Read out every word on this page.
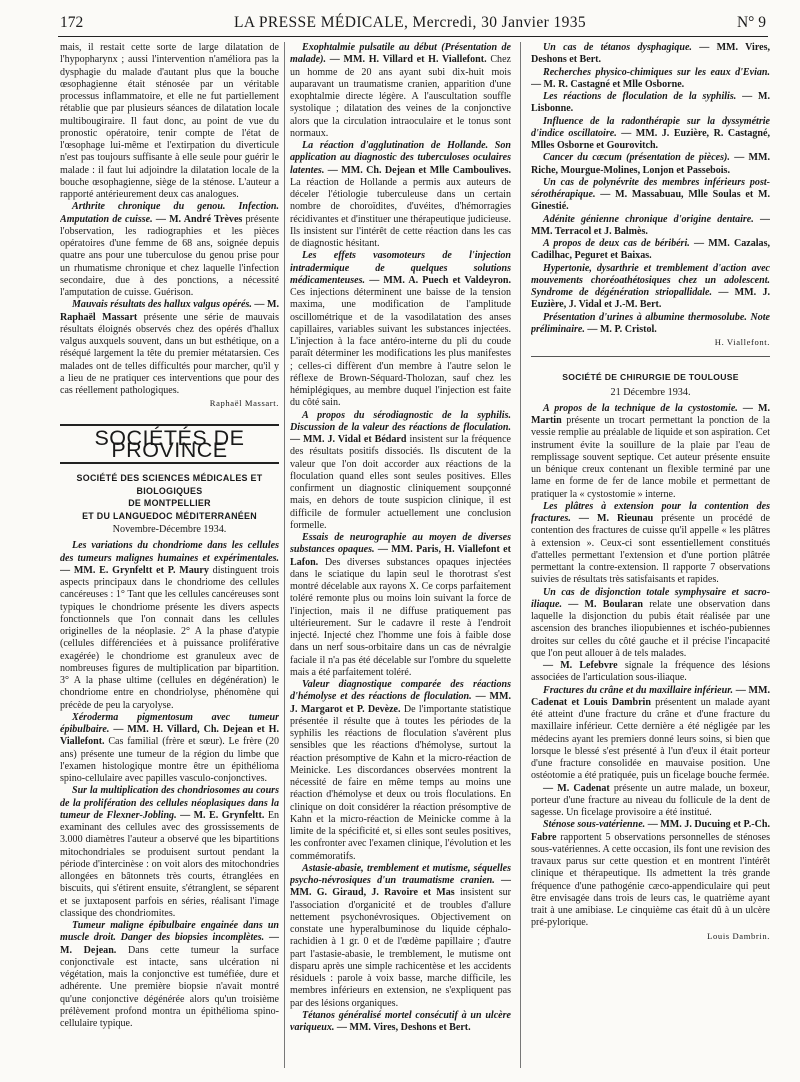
172	LA PRESSE MÉDICALE, Mercredi, 30 Janvier 1935	N° 9

mais, il restait cette sorte de large dilatation de l'hypopharynx ; aussi l'intervention n'améliora pas la dysphagie du malade d'autant plus que la bouche œsophagienne était sténosée par un véritable processus inflammatoire, et elle ne fut partiellement rétablie que par plusieurs séances de dilatation locale multibougiraire. Il faut donc, au point de vue du pronostic opératoire, tenir compte de l'état de l'œsophage lui-même et l'extirpation du diverticule n'est pas toujours suffisante à elle seule pour guérir le malade : il faut lui adjoindre la dilatation locale de la bouche œsophagienne, siège de la sténose. L'auteur a rapporté antérieurement deux cas analogues.

Arthrite chronique du genou. Infection. Amputation de cuisse. — M. André Trèves présente l'observation, les radiographies et les pièces opératoires d'une femme de 68 ans, soignée depuis quatre ans pour une tuberculose du genou prise pour un rhumatisme chronique et chez laquelle l'infection secondaire, due à des ponctions, a nécessité l'amputation de cuisse. Guérison.

Mauvais résultats des hallux valgus opérés. — M. Raphaël Massart présente une série de mauvais résultats éloignés observés chez des opérés d'hallux valgus auxquels souvent, dans un but esthétique, on a réséqué largement la tête du premier métatarsien. Ces malades ont de telles difficultés pour marcher, qu'il y a lieu de ne pratiquer ces interventions que pour des cas réellement pathologiques.

Raphaël Massart.

SOCIÉTÉS DE PROVINCE
SOCIÉTÉ DES SCIENCES MÉDICALES ET BIOLOGIQUES
DE MONTPELLIER
ET DU LANGUEDOC MÉDITERRANÉEN
Novembre-Décembre 1934.

Les variations du chondriome dans les cellules des tumeurs malignes humaines et expérimentales. — MM. E. Grynfeltt et P. Maury distinguent trois aspects principaux dans le chondriome des cellules cancéreuses : 1° Tant que les cellules cancéreuses sont typiques le chondriome présente les divers aspects fonctionnels que l'on connait dans les cellules originelles de la néoplasie. 2° A la phase d'atypie (cellules différenciées et à puissance proliférative exagérée) le chondriome est granuleux avec de nombreuses figures de multiplication par bipartition. 3° A la phase ultime (cellules en dégénération) le chondriome entre en chondriolyse, phénomène qui précède de peu la caryolyse.

Xéroderma pigmentosum avec tumeur épibulbaire. — MM. H. Villard, Ch. Dejean et H. Viallefont. Cas familial (frère et sœur). Le frère (20 ans) présente une tumeur de la région du limbe que l'examen histologique montre être un épithélioma spino-cellulaire avec papilles vasculo-conjonctives.

Sur la multiplication des chondriosomes au cours de la prolifération des cellules néoplasiques dans la tumeur de Flexner-Jobling. — M. E. Grynfeltt. En examinant des cellules avec des grossissements de 3.000 diamètres l'auteur a observé que les bipartitions mitochondriales se produisent surtout pendant la période d'intercinèse : on voit alors des mitochondries allongées en bâtonnets très courts, étranglées en biscuits, qui s'étirent ensuite, s'étranglent, se séparent et se juxtaposent parfois en séries, réalisant l'image classique des chondriomites.

Tumeur maligne épibulbaire engainée dans un muscle droit. Danger des biopsies incomplètes. — M. Dejean. Dans cette tumeur la surface conjonctivale est intacte, sans ulcération ni végétation, mais la conjonctive est tuméfiée, dure et adhérente. Une première biopsie n'avait montré qu'une conjonctive dégénérée alors qu'un troisième prélèvement profond montra un épithélioma spino-cellulaire typique.

Exophtalmie pulsatile au début (Présentation de malade). — MM. H. Villard et H. Viallefont. Chez un homme de 20 ans ayant subi dix-huit mois auparavant un traumatisme cranien, apparition d'une exophtalmie directe légère. A l'auscultation souffle systolique ; dilatation des veines de la conjonctive alors que la circulation intraoculaire et le tonus sont normaux.

La réaction d'agglutination de Hollande. Son application au diagnostic des tuberculoses oculaires latentes. — MM. Ch. Dejean et Mlle Camboulives. La réaction de Hollande a permis aux auteurs de déceler l'étiologie tuberculeuse dans un certain nombre de choroïdites, d'uvéites, d'hémorragies récidivantes et d'instituer une thérapeutique judicieuse. Ils insistent sur l'intérêt de cette réaction dans les cas de diagnostic hésitant.

Les effets vasomoteurs de l'injection intradermique de quelques solutions médicamenteuses. — MM. A. Puech et Valdeyron. Ces injections déterminent une baisse de la tension maxima, une modification de l'amplitude oscillométrique et de la vasodilatation des anses capillaires, variables suivant les substances injectées. L'injection à la face antéro-interne du pli du coude paraît déterminer les modifications les plus manifestes ; celles-ci diffèrent d'un membre à l'autre selon le réflexe de Brown-Séquard-Tholozan, sauf chez les hémiplégiques, au membre duquel l'injection est faite du côté sain.

A propos du sérodiagnostic de la syphilis. Discussion de la valeur des réactions de floculation. — MM. J. Vidal et Bédard insistent sur la fréquence des résultats positifs dissociés. Ils discutent de la valeur que l'on doit accorder aux réactions de la floculation quand elles sont seules positives. Elles confirment un diagnostic cliniquement soupçonné mais, en dehors de toute suspicion clinique, il est difficile de formuler actuellement une conclusion formelle.

Essais de neurographie au moyen de diverses substances opaques. — MM. Paris, H. Viallefont et Lafon. Des diverses substances opaques injectées dans le sciatique du lapin seul le thorotrast s'est montré décelable aux rayons X. Ce corps parfaitement toléré remonte plus ou moins loin suivant la force de l'injection, mais il ne diffuse pratiquement pas ultérieurement. Sur le cadavre il reste à l'endroit injecté. Injecté chez l'homme une fois à faible dose dans un nerf sous-orbitaire dans un cas de névralgie faciale il n'a pas été décelable sur l'ombre du squelette mais a été parfaitement toléré.

Valeur diagnostique comparée des réactions d'hémolyse et des réactions de floculation. — MM. J. Margarot et P. Devèze. De l'importante statistique présentée il résulte que à toutes les périodes de la syphilis les réactions de floculation s'avèrent plus sensibles que les réactions d'hémolyse, surtout la réaction présomptive de Kahn et la micro-réaction de Meinicke. Les discordances observées montrent la nécessité de faire en même temps au moins une réaction d'hémolyse et deux ou trois floculations. En clinique on doit considérer la réaction présomptive de Kahn et la micro-réaction de Meinicke comme à la limite de la spécificité et, si elles sont seules positives, les confronter avec l'examen clinique, l'évolution et les commémoratifs.

Astasie-abasie, tremblement et mutisme, séquelles psycho-névrosiques d'un traumatisme cranien. — MM. G. Giraud, J. Ravoire et Mas insistent sur l'association d'organicité et de troubles d'allure nettement psychonévrosiques. Objectivement on constate une hyperalbuminose du liquide céphalo-rachidien à 1 gr. 0 et de l'œdème papillaire ; d'autre part l'astasie-abasie, le tremblement, le mutisme ont disparu après une simple rachicentèse et les accidents résiduels : parole à voix basse, marche difficile, les membres inférieurs en extension, ne s'expliquent pas par des lésions organiques.

Tétanos généralisé mortel consécutif à un ulcère variqueux. — MM. Vires, Deshons et Bert.

Un cas de tétanos dysphagique. — MM. Vires, Deshons et Bert.

Recherches physico-chimiques sur les eaux d'Evian. — M. R. Castagné et Mlle Osborne.

Les réactions de floculation de la syphilis. — M. Lisbonne.

Influence de la radonthérapie sur la dyssymétrie d'indice oscillatoire. — MM. J. Euzière, R. Castagné, Mlles Osborne et Gourovitch.

Cancer du cæcum (présentation de pièces). — MM. Riche, Mourgue-Molines, Lonjon et Passebois.

Un cas de polynévrite des membres inférieurs post-sérothérapique. — M. Massabuau, Mlle Soulas et M. Ginestié.

Adénite génienne chronique d'origine dentaire. — MM. Terracol et J. Balmès.

A propos de deux cas de béribéri. — MM. Cazalas, Cadilhac, Peguret et Baixas.

Hypertonie, dysarthrie et tremblement d'action avec mouvements choréoathétosiques chez un adolescent. Syndrome de dégénération striopallidale. — MM. J. Euzière, J. Vidal et J.-M. Bert.

Présentation d'urines à albumine thermosolube. Note préliminaire. — M. P. Cristol.

H. Viallefont.

SOCIÉTÉ DE CHIRURGIE DE TOULOUSE
21 Décembre 1934.

A propos de la technique de la cystostomie. — M. Martin présente un trocart permettant la ponction de la vessie remplie au préalable de liquide et son aspiration. Cet instrument évite la souillure de la plaie par l'eau de remplissage souvent septique. Cet auteur présente ensuite un bénique creux contenant un flexible terminé par une lame en forme de fer de lance mobile et permettant de pratiquer la « cystostomie » interne.

Les plâtres à extension pour la contention des fractures. — M. Rieunau présente un procédé de contention des fractures de cuisse qu'il appelle « les plâtres à extension ». Ceux-ci sont essentiellement constitués d'attelles permettant l'extension et d'une portion plâtrée permettant la contre-extension. Il rapporte 7 observations suivies de résultats très satisfaisants et rapides.

Un cas de disjonction totale symphysaire et sacro-iliaque. — M. Boularan relate une observation dans laquelle la disjonction du pubis était réalisée par une ascension des branches iliopubiennes et ischéo-pubiennes droites sur celles du côté gauche et il précise l'incapacité que l'on peut allouer à de tels malades.

— M. Lefebvre signale la fréquence des lésions associées de l'articulation sous-iliaque.

Fractures du crâne et du maxillaire inférieur. — MM. Cadenat et Louis Dambrin présentent un malade ayant été atteint d'une fracture du crâne et d'une fracture du maxillaire inférieur. Cette dernière a été négligée par les médecins ayant les premiers donné leurs soins, si bien que lorsque le blessé s'est présenté à l'un d'eux il était porteur d'une fracture consolidée en mauvaise position. Une ostéotomie a été pratiquée, puis un ficelage bouche fermée.

— M. Cadenat présente un autre malade, un boxeur, porteur d'une fracture au niveau du follicule de la dent de sagesse. Un ficelage provisoire a été institué.

Sténose sous-vatérienne. — MM. J. Ducuing et P.-Ch. Fabre rapportent 5 observations personnelles de sténoses sous-vatériennes. A cette occasion, ils font une revision des travaux parus sur cette question et en montrent l'intérêt clinique et thérapeutique. Ils admettent la très grande fréquence d'une pathogénie cæco-appendiculaire qui peut être envisagée dans trois de leurs cas, le quatrième ayant trait à une amibiase. Le cinquième cas était dû à un ulcère pré-pylorique.

Louis Dambrin.
